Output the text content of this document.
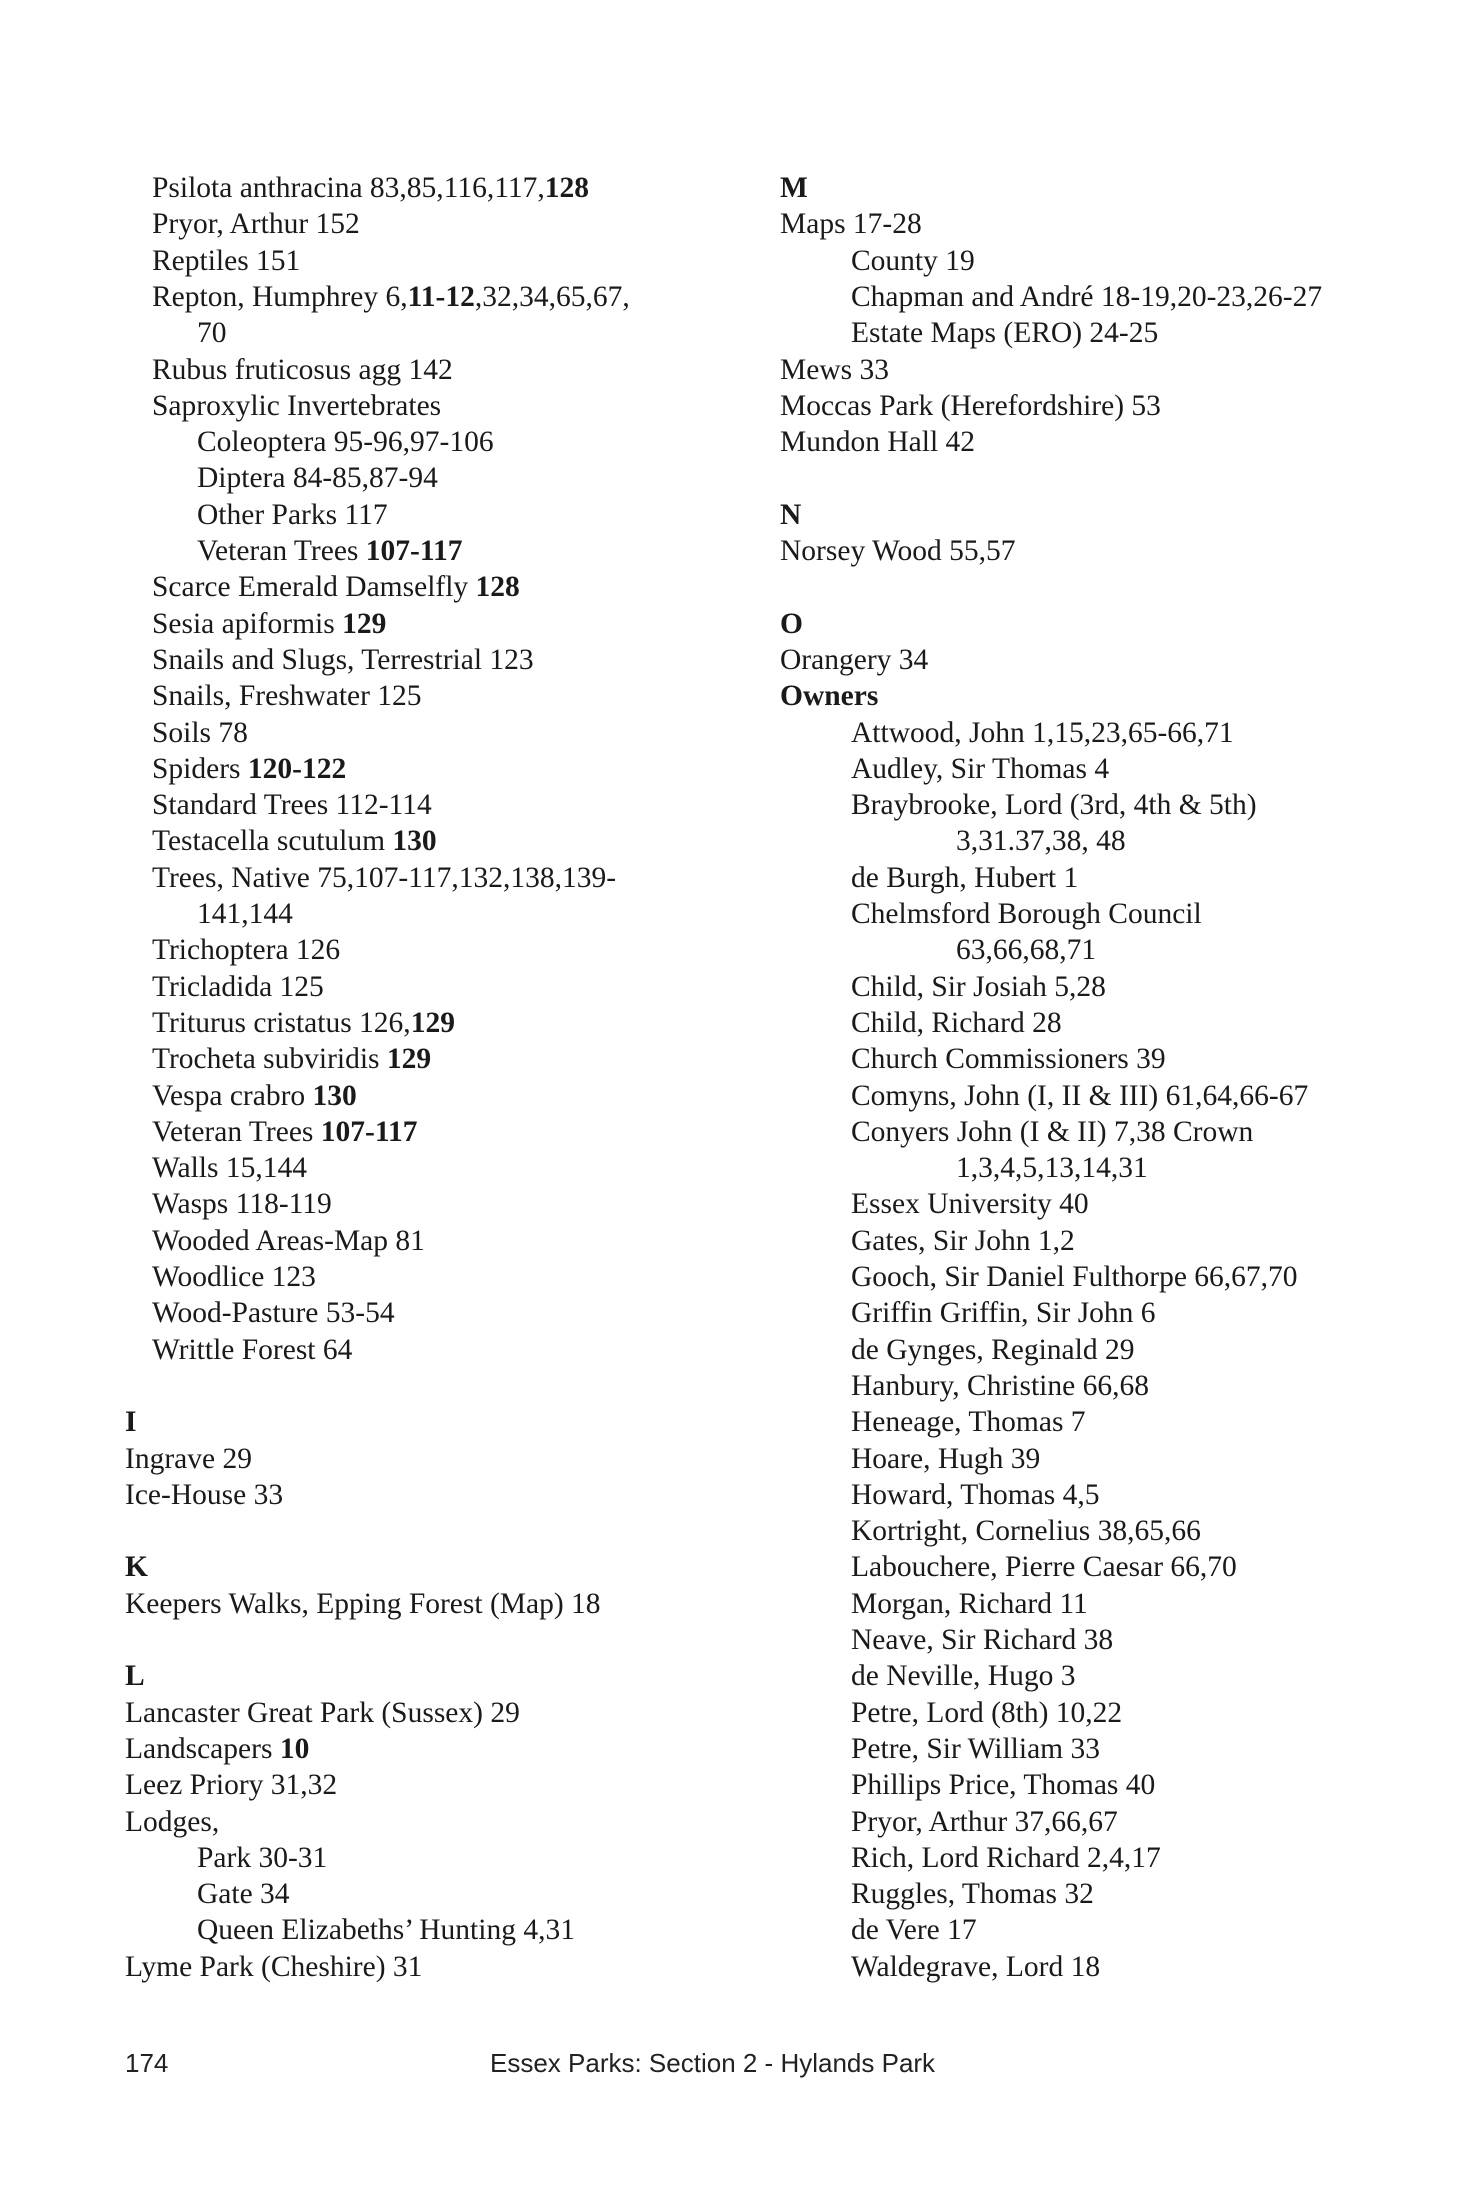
Psilota anthracina 83,85,116,117,128
Pryor, Arthur 152
Reptiles 151
Repton, Humphrey 6,11-12,32,34,65,67,
70
Rubus fruticosus agg 142
Saproxylic Invertebrates
Coleoptera 95-96,97-106
Diptera 84-85,87-94
Other Parks 117
Veteran Trees 107-117
Scarce Emerald Damselfly 128
Sesia apiformis 129
Snails and Slugs, Terrestrial 123
Snails, Freshwater 125
Soils 78
Spiders 120-122
Standard Trees 112-114
Testacella scutulum 130
Trees, Native 75,107-117,132,138,139-
141,144
Trichoptera 126
Tricladida 125
Triturus cristatus 126,129
Trocheta subviridis 129
Vespa crabro 130
Veteran Trees 107-117
Walls 15,144
Wasps 118-119
Wooded Areas-Map 81
Woodlice 123
Wood-Pasture 53-54
Writtle Forest 64
I
Ingrave 29
Ice-House 33
K
Keepers Walks, Epping Forest (Map) 18
L
Lancaster Great Park (Sussex) 29
Landscapers 10
Leez Priory 31,32
Lodges,
Park 30-31
Gate 34
Queen Elizabeths’ Hunting 4,31
Lyme Park (Cheshire) 31
M
Maps 17-28
County 19
Chapman and André 18-19,20-23,26-27
Estate Maps (ERO) 24-25
Mews 33
Moccas Park (Herefordshire) 53
Mundon Hall 42
N
Norsey Wood 55,57
O
Orangery 34
Owners
Attwood, John 1,15,23,65-66,71
Audley, Sir Thomas 4
Braybrooke, Lord (3rd, 4th & 5th)
3,31.37,38, 48
de Burgh, Hubert 1
Chelmsford Borough Council
63,66,68,71
Child, Sir Josiah 5,28
Child, Richard 28
Church Commissioners 39
Comyns, John (I, II & III) 61,64,66-67
Conyers John (I & II) 7,38 Crown
1,3,4,5,13,14,31
Essex University 40
Gates, Sir John 1,2
Gooch, Sir Daniel Fulthorpe 66,67,70
Griffin Griffin, Sir John 6
de Gynges, Reginald 29
Hanbury, Christine 66,68
Heneage, Thomas 7
Hoare, Hugh 39
Howard, Thomas 4,5
Kortright, Cornelius 38,65,66
Labouchere, Pierre Caesar 66,70
Morgan, Richard 11
Neave, Sir Richard 38
de Neville, Hugo 3
Petre, Lord (8th) 10,22
Petre, Sir William 33
Phillips Price, Thomas 40
Pryor, Arthur 37,66,67
Rich, Lord Richard 2,4,17
Ruggles, Thomas 32
de Vere 17
Waldegrave, Lord 18
174	Essex Parks: Section 2 - Hylands Park
